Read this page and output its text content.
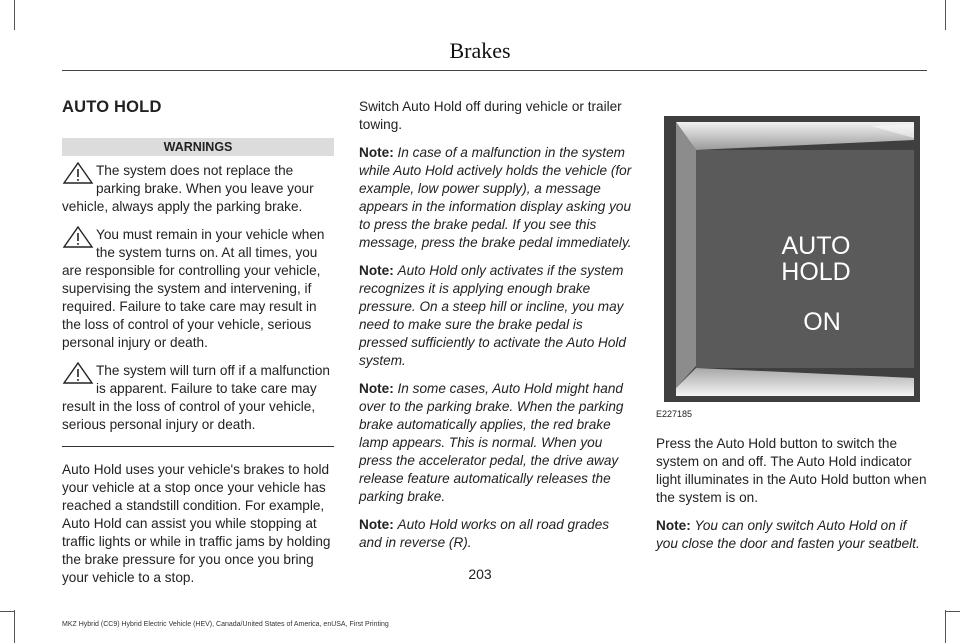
Brakes
AUTO HOLD
WARNINGS
The system does not replace the parking brake. When you leave your vehicle, always apply the parking brake.
You must remain in your vehicle when the system turns on. At all times, you are responsible for controlling your vehicle, supervising the system and intervening, if required. Failure to take care may result in the loss of control of your vehicle, serious personal injury or death.
The system will turn off if a malfunction is apparent. Failure to take care may result in the loss of control of your vehicle, serious personal injury or death.

Auto Hold uses your vehicle's brakes to hold your vehicle at a stop once your vehicle has reached a standstill condition. For example, Auto Hold can assist you while stopping at traffic lights or while in traffic jams by holding the brake pressure for you once you bring your vehicle to a stop.

Switch Auto Hold off during vehicle or trailer towing.

Note: In case of a malfunction in the system while Auto Hold actively holds the vehicle (for example, low power supply), a message appears in the information display asking you to press the brake pedal. If you see this message, press the brake pedal immediately.

Note: Auto Hold only activates if the system recognizes it is applying enough brake pressure. On a steep hill or incline, you may need to make sure the brake pedal is pressed sufficiently to activate the Auto Hold system.

Note: In some cases, Auto Hold might hand over to the parking brake. When the parking brake automatically applies, the red brake lamp appears. This is normal. When you press the accelerator pedal, the drive away release feature automatically releases the parking brake.

Note: Auto Hold works on all road grades and in reverse (R).

AUTO
HOLD
ON
E227185

Press the Auto Hold button to switch the system on and off. The Auto Hold indicator light illuminates in the Auto Hold button when the system is on.

Note: You can only switch Auto Hold on if you close the door and fasten your seatbelt.

203
MKZ Hybrid (CC9) Hybrid Electric Vehicle (HEV), Canada/United States of America, enUSA, First Printing
